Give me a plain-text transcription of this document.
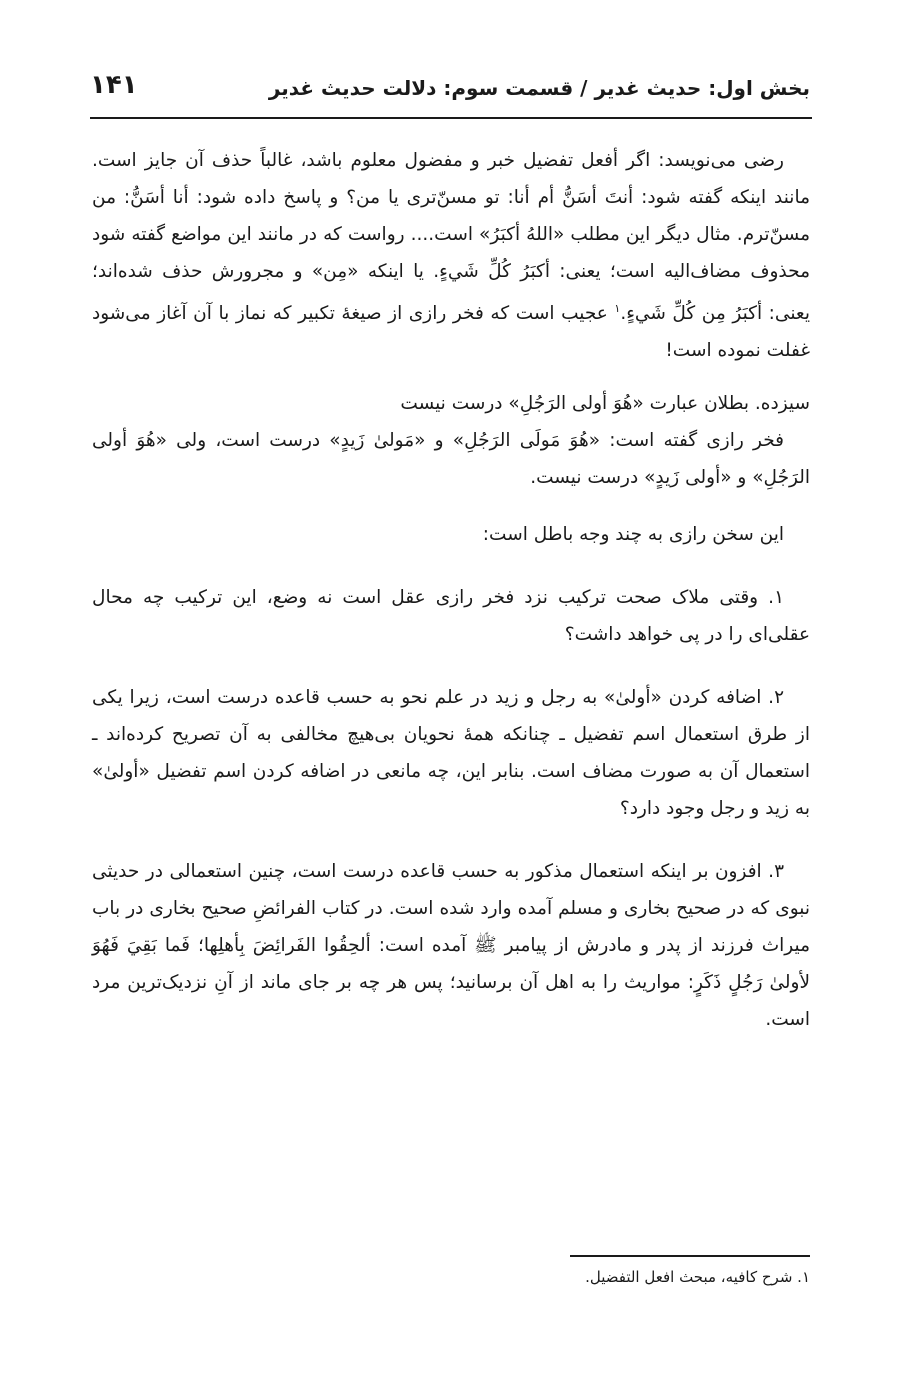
بخش اول: حدیث غدیر / قسمت سوم: دلالت حدیث غدیر
۱۴۱

رضی می‌نویسد: اگر أفعل تفضیل خبر و مفضول معلوم باشد، غالباً حذف آن جایز است. مانند اینکه گفته شود: أنتَ أسَنُّ أم أنا: تو مسنّ‌تری یا من؟ و پاسخ داده شود: أنا أسَنُّ: من مسنّ‌ترم. مثال دیگر این مطلب «اللهُ أكبَرُ» است.... رواست که در مانند این مواضع گفته شود محذوف مضاف‌الیه است؛ یعنی: أكبَرُ كُلِّ شَيءٍ. یا اینکه «مِن» و مجرورش حذف شده‌اند؛ یعنی: أكبَرُ مِن كُلِّ شَيءٍ.$^۱$ عجیب است که فخر رازی از صیغهٔ تکبیر که نماز با آن آغاز می‌شود غفلت نموده است!

سیزده. بطلان عبارت «هُوَ أولى الرَجُلِ» درست نیست

فخر رازی گفته است: «هُوَ مَولَى الرَجُلِ» و «مَولىٰ زَيدٍ» درست است، ولی «هُوَ أولى الرَجُلِ» و «أولى زَيدٍ» درست نیست.

این سخن رازی به چند وجه باطل است:

۱. وقتی ملاک صحت ترکیب نزد فخر رازی عقل است نه وضع، این ترکیب چه محال عقلی‌ای را در پی خواهد داشت؟

۲. اضافه کردن «أولىٰ» به رجل و زید در علم نحو به حسب قاعده درست است، زیرا یکی از طرق استعمال اسم تفضیل ـ چنانکه همهٔ نحویان بی‌هیچ مخالفی به آن تصریح کرده‌اند ـ استعمال آن به صورت مضاف است. بنابر این، چه مانعی در اضافه کردن اسم تفضیل «أولىٰ» به زید و رجل وجود دارد؟

۳. افزون بر اینکه استعمال مذکور به حسب قاعده درست است، چنین استعمالی در حدیثی نبوی که در صحیح بخاری و مسلم آمده وارد شده است. در کتاب الفرائضِ صحیح بخاری در باب میراث فرزند از پدر و مادرش از پیامبر ﷺ آمده است: ألحِقُوا الفَرائِضَ بِأهلِها؛ فَما بَقِيَ فَهُوَ لأولىٰ رَجُلٍ ذَكَرٍ: مواریث را به اهل آن برسانید؛ پس هر چه بر جای ماند از آنِ نزدیک‌ترین مرد است.

۱. شرح کافیه، مبحث افعل التفضیل.
